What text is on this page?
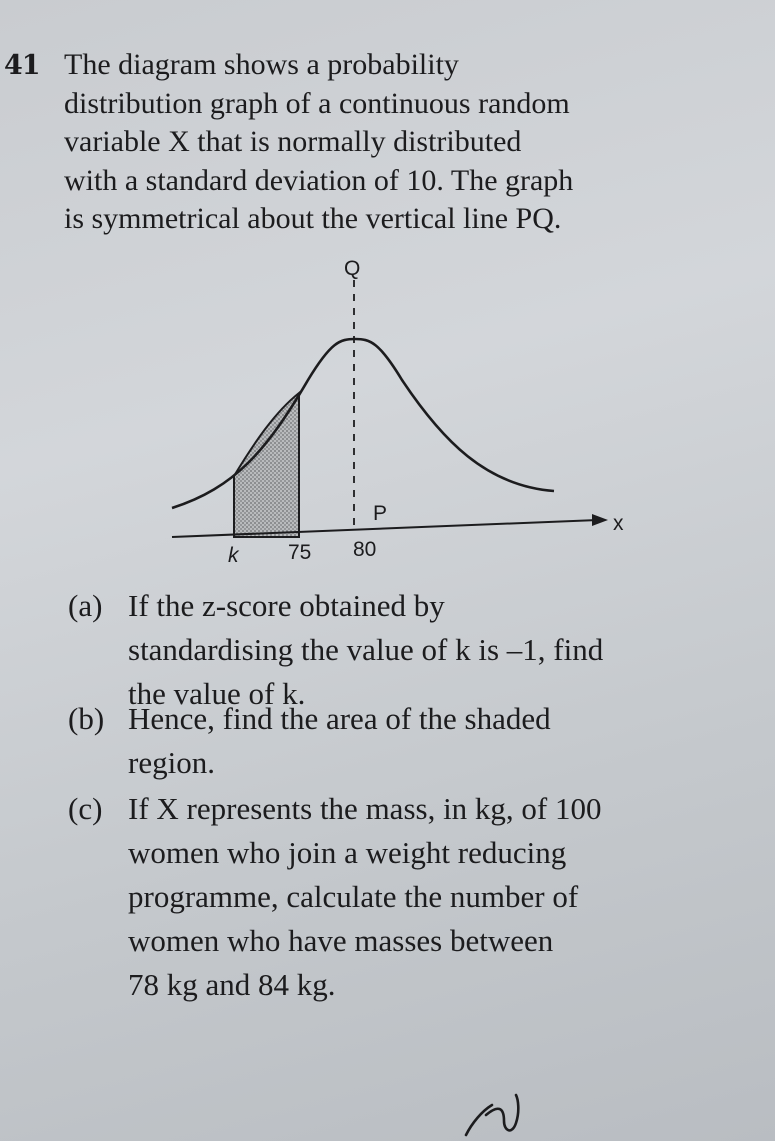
41 The diagram shows a probability
distribution graph of a continuous random
variable X that is normally distributed
with a standard deviation of 10. The graph
is symmetrical about the vertical line PQ.
Q
P	x
k 75 80
(a) If the z-score obtained by
standardising the value of k is –1, find
the value of k.
(b) Hence, find the area of the shaded
region.
(c) If X represents the mass, in kg, of 100
women who join a weight reducing
programme, calculate the number of
women who have masses between
78 kg and 84 kg.
